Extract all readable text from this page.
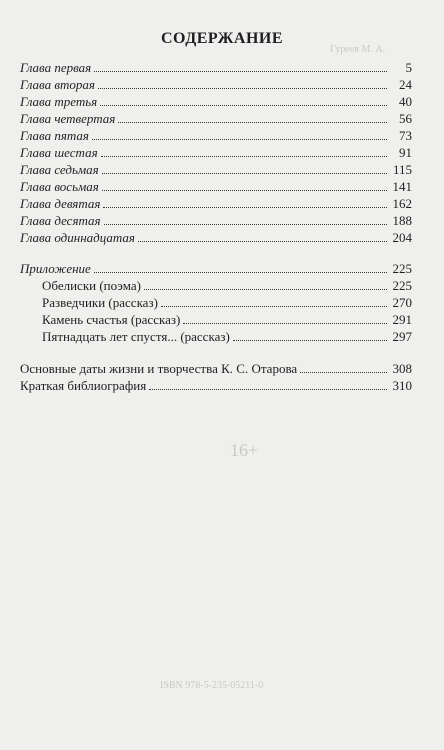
Гуреев М. А.
16+
ISBN 978-5-235-05211-0
СОДЕРЖАНИЕ
Глава первая	5
Глава вторая	24
Глава третья	40
Глава четвертая	56
Глава пятая	73
Глава шестая	91
Глава седьмая	115
Глава восьмая	141
Глава девятая	162
Глава десятая	188
Глава одиннадцатая	204
Приложение	225
Обелиски (поэма)	225
Разведчики (рассказ)	270
Камень счастья (рассказ)	291
Пятнадцать лет спустя... (рассказ)	297
Основные даты жизни и творчества К. С. Отарова	308
Краткая библиография	310
